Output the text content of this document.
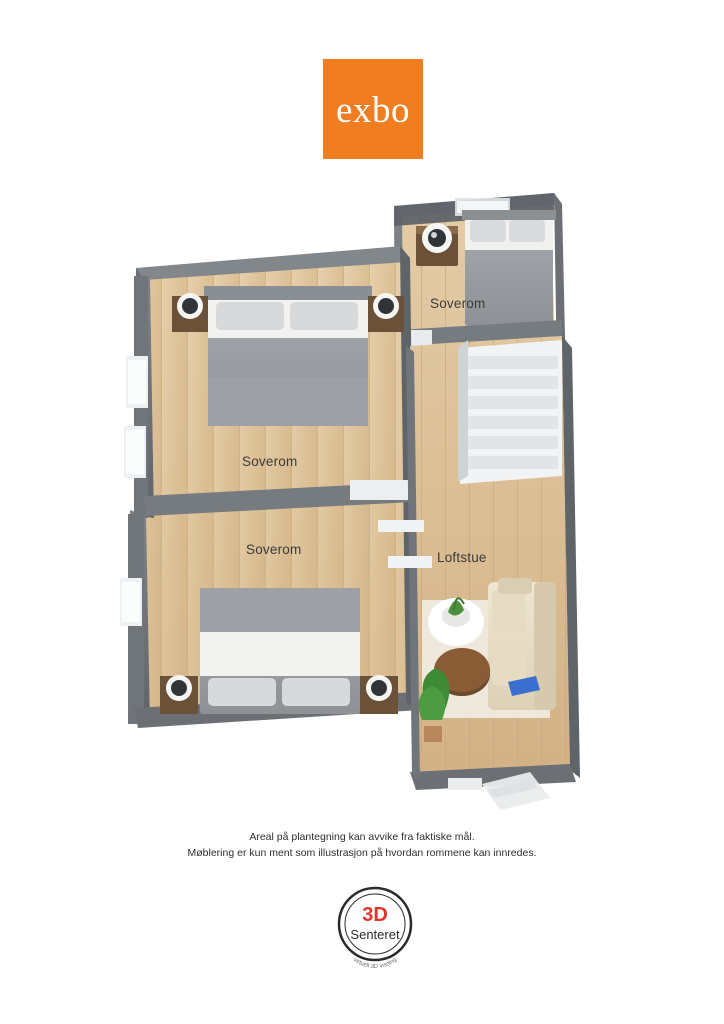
exbo
Soverom
Soverom
Soverom
Loftstue
Areal på plantegning kan avvike fra faktiske mål.
Møblering er kun ment som illustrasjon på hvordan rommene kan innredes.
3D
Senteret
virtuell 3D visning
